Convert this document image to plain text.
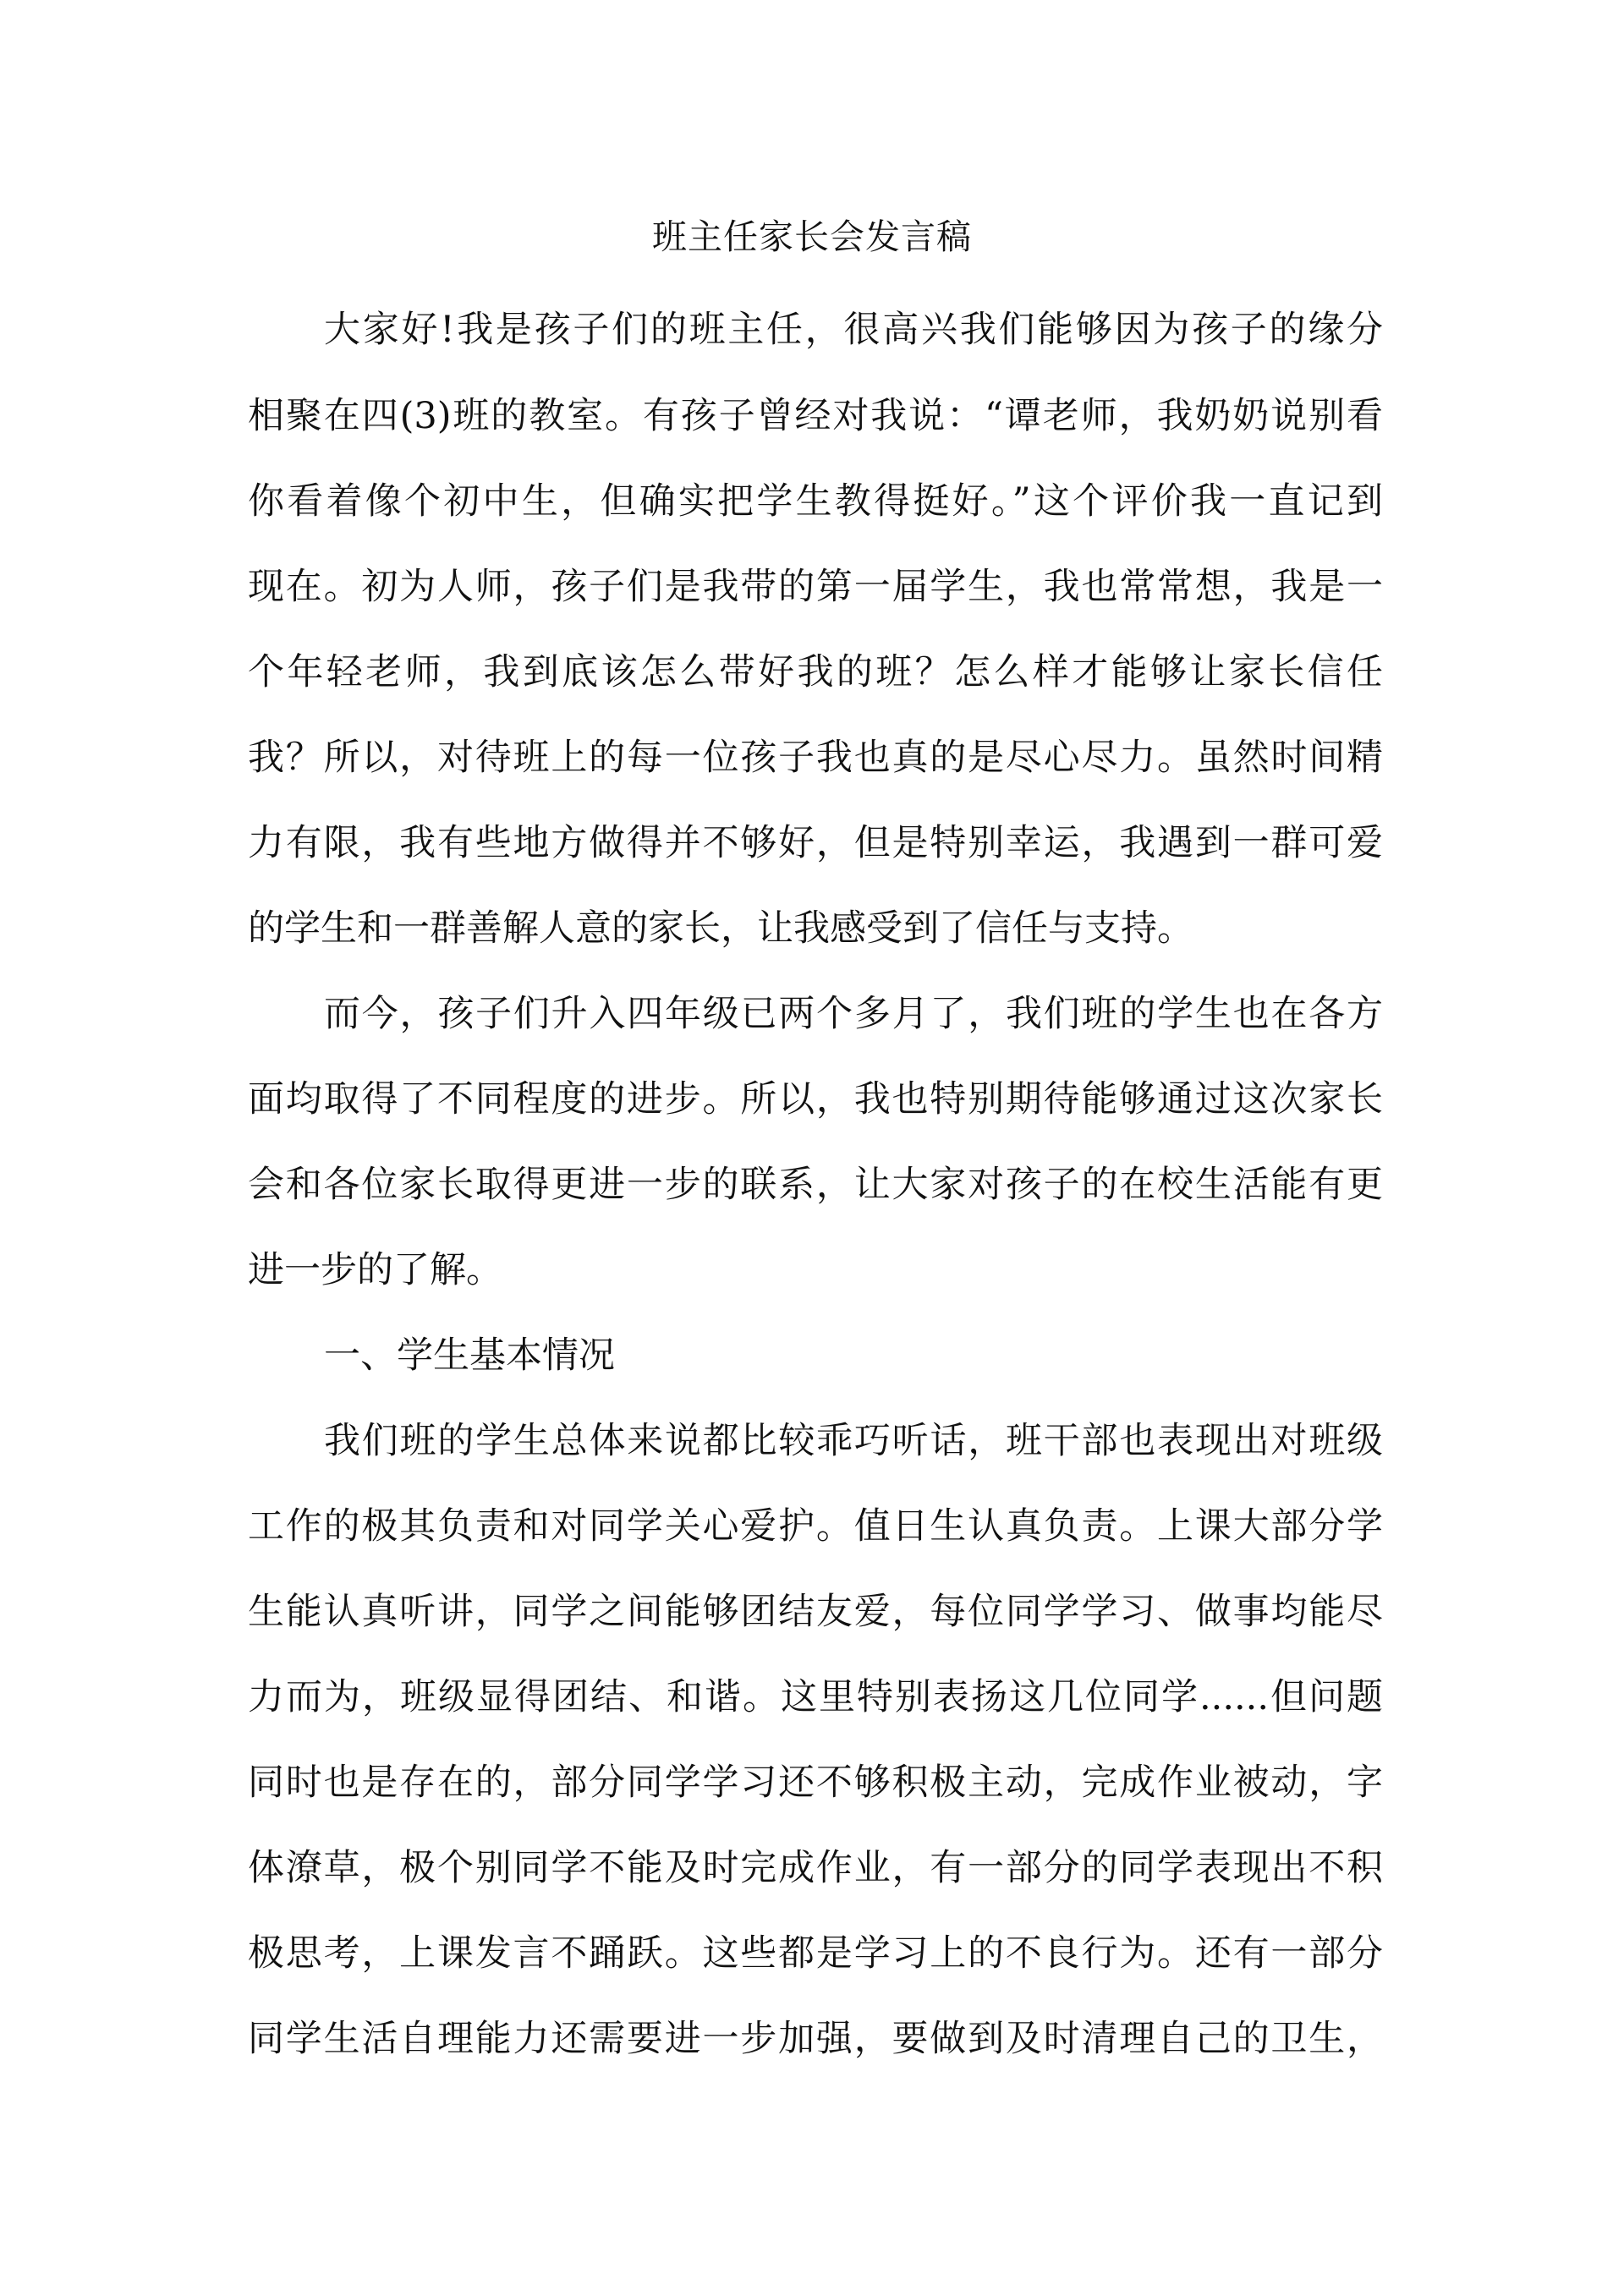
班主任家长会发言稿
大家好!我是孩子们的班主任，很高兴我们能够因为孩子的缘分
相聚在四(3)班的教室。有孩子曾经对我说：“谭老师，我奶奶说别看
你看着像个初中生，但确实把学生教得挺好。”这个评价我一直记到
现在。初为人师，孩子们是我带的第一届学生，我也常常想，我是一
个年轻老师，我到底该怎么带好我的班？怎么样才能够让家长信任
我？所以，对待班上的每一位孩子我也真的是尽心尽力。虽然时间精
力有限，我有些地方做得并不够好，但是特别幸运，我遇到一群可爱
的学生和一群善解人意的家长，让我感受到了信任与支持。
而今，孩子们升入四年级已两个多月了，我们班的学生也在各方
面均取得了不同程度的进步。所以，我也特别期待能够通过这次家长
会和各位家长取得更进一步的联系，让大家对孩子的在校生活能有更
进一步的了解。
一、学生基本情况
我们班的学生总体来说都比较乖巧听话，班干部也表现出对班级
工作的极其负责和对同学关心爱护。值日生认真负责。上课大部分学
生能认真听讲，同学之间能够团结友爱，每位同学学习、做事均能尽
力而为，班级显得团结、和谐。这里特别表扬这几位同学......但问题
同时也是存在的，部分同学学习还不够积极主动，完成作业被动，字
体潦草，极个别同学不能及时完成作业，有一部分的同学表现出不积
极思考，上课发言不踊跃。这些都是学习上的不良行为。还有一部分
同学生活自理能力还需要进一步加强，要做到及时清理自己的卫生，
